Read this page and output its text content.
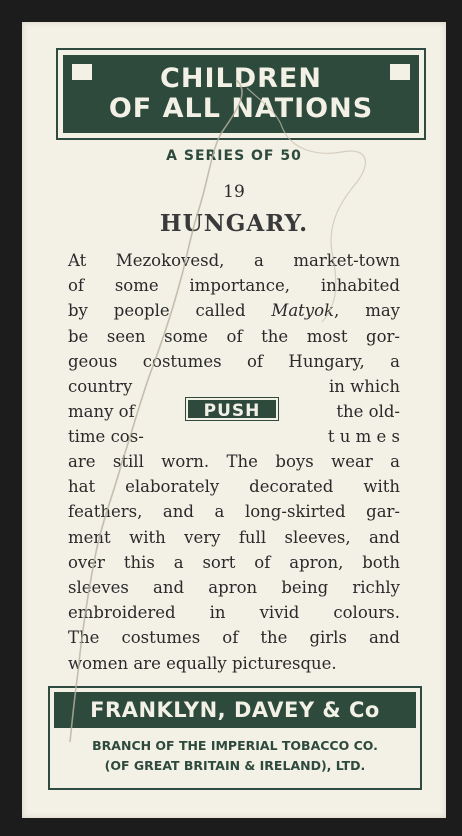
CHILDREN
OF ALL NATIONS
A SERIES OF 50
19
HUNGARY.
At Mezokovesd, a market-town
of some importance, inhabited
by people called Matyok, may
be seen some of the most gor-
geous costumes of Hungary, a
country	in which
many of	the old-
time cos-	t u m e s
PUSH
are still worn. The boys wear a
hat elaborately decorated with
feathers, and a long-skirted gar-
ment with very full sleeves, and
over this a sort of apron, both
sleeves and apron being richly
embroidered in vivid colours.
The costumes of the girls and
women are equally picturesque.
FRANKLYN, DAVEY & Co
BRANCH OF THE IMPERIAL TOBACCO CO.
(OF GREAT BRITAIN & IRELAND), LTD.
